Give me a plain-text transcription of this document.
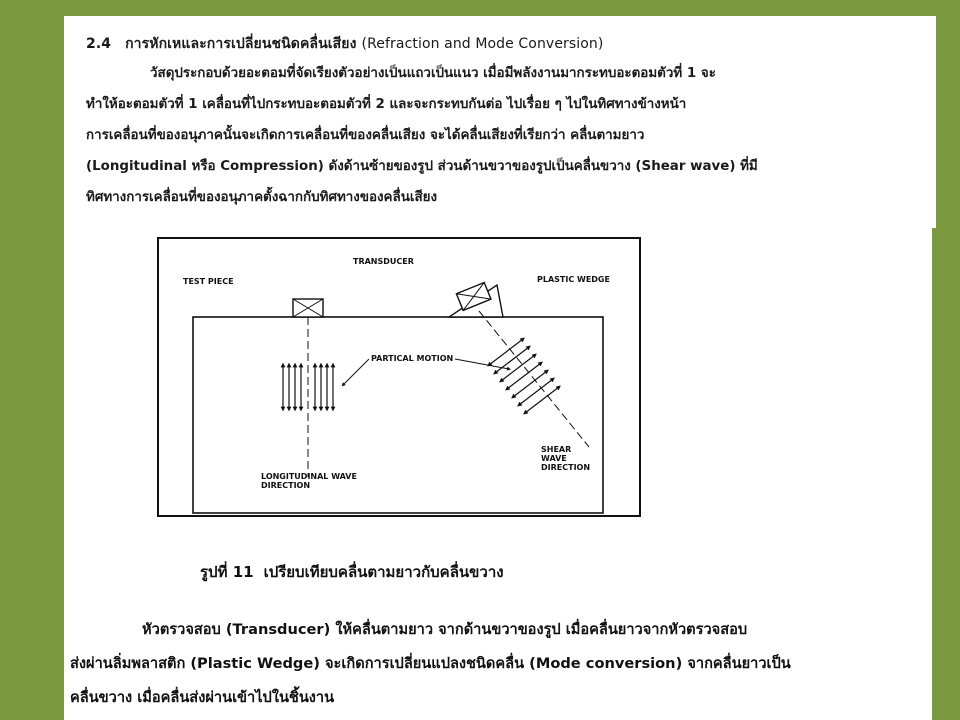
2.4 การหักเหและการเปลี่ยนชนิดคลื่นเสียง (Refraction and Mode Conversion)
วัสดุประกอบด้วยอะตอมที่จัดเรียงตัวอย่างเป็นแถวเป็นแนว เมื่อมีพลังงานมากระทบอะตอมตัวที่ 1 จะ
ทำให้อะตอมตัวที่ 1 เคลื่อนที่ไปกระทบอะตอมตัวที่ 2 และจะกระทบกันต่อ ไปเรื่อย ๆ ไปในทิศทางข้างหน้า
การเคลื่อนที่ของอนุภาคนั้นจะเกิดการเคลื่อนที่ของคลื่นเสียง จะได้คลื่นเสียงที่เรียกว่า คลื่นตามยาว
(Longitudinal หรือ Compression) ดังด้านซ้ายของรูป ส่วนด้านขวาของรูปเป็นคลื่นขวาง (Shear wave) ที่มี
ทิศทางการเคลื่อนที่ของอนุภาคตั้งฉากกับทิศทางของคลื่นเสียง
TRANSDUCER
TEST PIECE	PLASTIC WEDGE
PARTICAL MOTION
SHEAR
WAVE
DIRECTION
LONGITUDINAL WAVE
DIRECTION
รูปที่ 11 เปรียบเทียบคลื่นตามยาวกับคลื่นขวาง
หัวตรวจสอบ (Transducer) ให้คลื่นตามยาว จากด้านขวาของรูป เมื่อคลื่นยาวจากหัวตรวจสอบ
ส่งผ่านลิ่มพลาสติก (Plastic Wedge) จะเกิดการเปลี่ยนแปลงชนิดคลื่น (Mode conversion) จากคลื่นยาวเป็น
คลื่นขวาง เมื่อคลื่นส่งผ่านเข้าไปในชิ้นงาน
